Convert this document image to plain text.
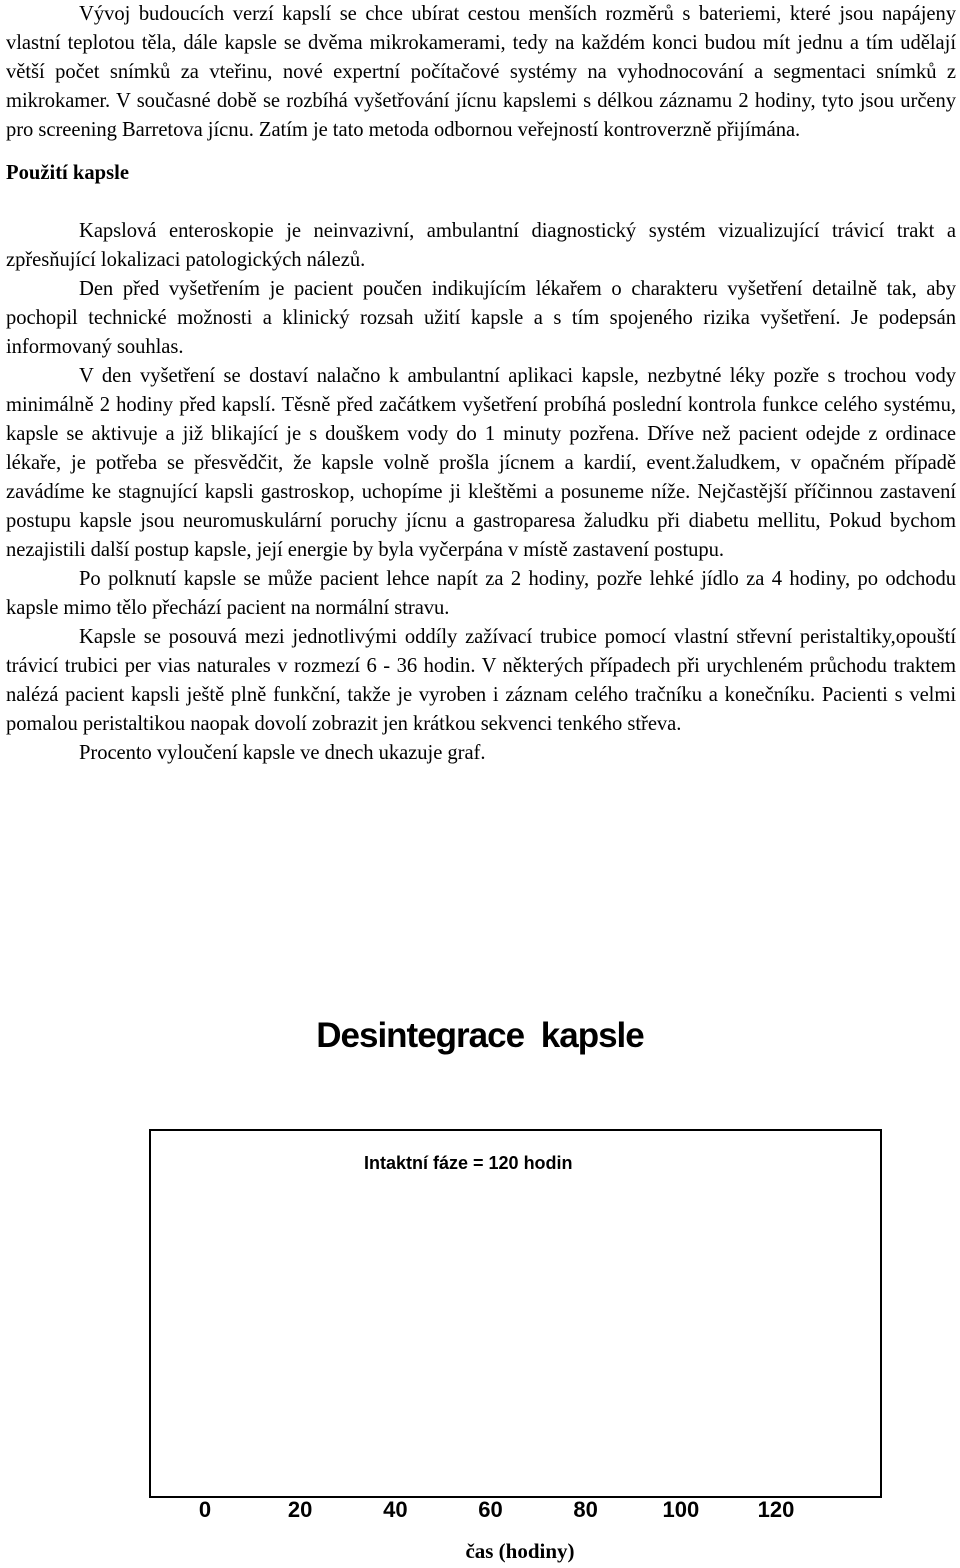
Vývoj budoucích verzí kapslí se chce ubírat cestou menších rozměrů s bateriemi, které jsou napájeny vlastní teplotou těla, dále kapsle se dvěma mikrokamerami, tedy na každém konci budou mít jednu a tím udělají větší počet snímků za vteřinu, nové expertní počítačové systémy na vyhodnocování a segmentaci snímků z mikrokamer. V současné době se rozbíhá vyšetřování jícnu kapslemi s délkou záznamu 2 hodiny, tyto jsou určeny pro screening Barretova jícnu. Zatím je tato metoda odbornou veřejností kontroverzně přijímána.

Použití kapsle

Kapslová enteroskopie je neinvazivní, ambulantní diagnostický systém vizualizující trávicí trakt a zpřesňující lokalizaci patologických nálezů.

Den před vyšetřením je pacient poučen indikujícím lékařem o charakteru vyšetření detailně tak, aby pochopil technické možnosti a klinický rozsah užití kapsle a s tím spojeného rizika vyšetření. Je podepsán informovaný souhlas.

V den vyšetření se dostaví nalačno k ambulantní aplikaci kapsle, nezbytné léky pozře s trochou vody minimálně 2 hodiny před kapslí. Těsně před začátkem vyšetření probíhá poslední kontrola funkce celého systému, kapsle se aktivuje a již blikající je s douškem vody do 1 minuty pozřena. Dříve než pacient odejde z ordinace lékaře, je potřeba se přesvědčit, že kapsle volně prošla jícnem a kardií, event.žaludkem, v opačném případě zavádíme ke stagnující kapsli gastroskop, uchopíme ji kleštěmi a posuneme níže. Nejčastější příčinnou zastavení postupu kapsle jsou neuromuskulární poruchy jícnu a gastroparesa žaludku při diabetu mellitu, Pokud bychom nezajistili další postup kapsle, její energie by byla vyčerpána v místě zastavení postupu.

Po polknutí kapsle se může pacient lehce napít za 2 hodiny, pozře lehké jídlo za 4 hodiny, po odchodu kapsle mimo tělo přechází pacient na normální stravu.

Kapsle se posouvá mezi jednotlivými oddíly zažívací trubice pomocí vlastní střevní peristaltiky,opouští trávicí trubici per vias naturales v rozmezí 6 - 36 hodin. V některých případech při urychleném průchodu traktem nalézá pacient kapsli ještě plně funkční, takže je vyroben i záznam celého tračníku a konečníku. Pacienti s velmi pomalou peristaltikou naopak dovolí zobrazit jen krátkou sekvenci tenkého střeva.

Procento vyloučení kapsle ve dnech ukazuje graf.

Desintegrace kapsle
Intaktní fáze = 120 hodin
0	20	40	60	80	100	120
čas (hodiny)
